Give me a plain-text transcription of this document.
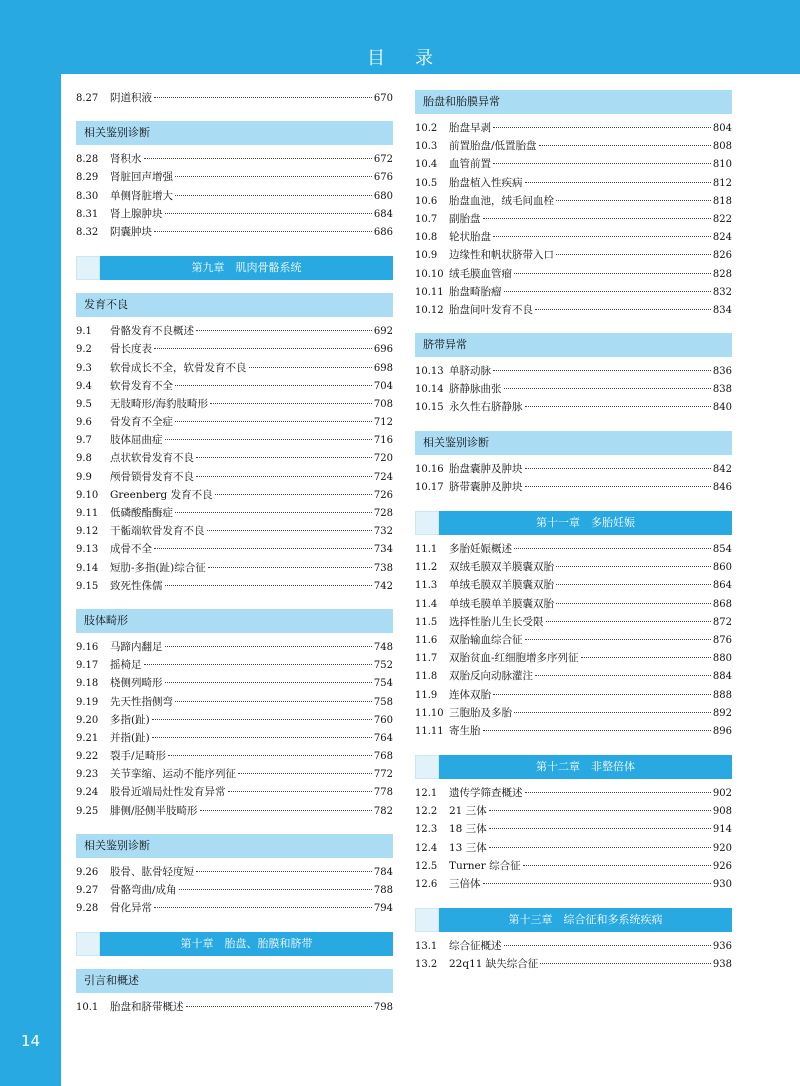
目录
14
8.27	阴道积液	670
相关鉴别诊断
8.28	肾积水	672
8.29	肾脏回声增强	676
8.30	单侧肾脏增大	680
8.31	肾上腺肿块	684
8.32	阴囊肿块	686
第九章　肌肉骨骼系统
发育不良
9.1	骨骼发育不良概述	692
9.2	骨长度表	696
9.3	软骨成长不全，软骨发育不良	698
9.4	软骨发育不全	704
9.5	无肢畸形/海豹肢畸形	708
9.6	骨发育不全症	712
9.7	肢体屈曲症	716
9.8	点状软骨发育不良	720
9.9	颅骨锁骨发育不良	724
9.10	Greenberg 发育不良	726
9.11	低磷酸酯酶症	728
9.12	干骺端软骨发育不良	732
9.13	成骨不全	734
9.14	短肋-多指(趾)综合征	738
9.15	致死性侏儒	742
肢体畸形
9.16	马蹄内翻足	748
9.17	摇椅足	752
9.18	桡侧列畸形	754
9.19	先天性指侧弯	758
9.20	多指(趾)	760
9.21	并指(趾)	764
9.22	裂手/足畸形	768
9.23	关节挛缩、运动不能序列征	772
9.24	股骨近端局灶性发育异常	778
9.25	腓侧/胫侧半肢畸形	782
相关鉴别诊断
9.26	股骨、肱骨轻度短	784
9.27	骨骼弯曲/成角	788
9.28	骨化异常	794
第十章　胎盘、胎膜和脐带
引言和概述
10.1	胎盘和脐带概述	798
胎盘和胎膜异常
10.2	胎盘早剥	804
10.3	前置胎盘/低置胎盘	808
10.4	血管前置	810
10.5	胎盘植入性疾病	812
10.6	胎盘血池，绒毛间血栓	818
10.7	副胎盘	822
10.8	轮状胎盘	824
10.9	边缘性和帆状脐带入口	826
10.10 绒毛膜血管瘤	828
10.11 胎盘畸胎瘤	832
10.12 胎盘间叶发育不良	834
脐带异常
10.13 单脐动脉	836
10.14 脐静脉曲张	838
10.15 永久性右脐静脉	840
相关鉴别诊断
10.16 胎盘囊肿及肿块	842
10.17 脐带囊肿及肿块	846
第十一章　多胎妊娠
11.1	多胎妊娠概述	854
11.2	双绒毛膜双羊膜囊双胎	860
11.3	单绒毛膜双羊膜囊双胎	864
11.4	单绒毛膜单羊膜囊双胎	868
11.5	选择性胎儿生长受限	872
11.6	双胎输血综合征	876
11.7	双胎贫血-红细胞增多序列征	880
11.8	双胎反向动脉灌注	884
11.9	连体双胎	888
11.10 三胞胎及多胎	892
11.11 寄生胎	896
第十二章　非整倍体
12.1	遗传学筛查概述	902
12.2	21 三体	908
12.3	18 三体	914
12.4	13 三体	920
12.5	Turner 综合征	926
12.6	三倍体	930
第十三章　综合征和多系统疾病
13.1	综合征概述	936
13.2	22q11 缺失综合征	938
